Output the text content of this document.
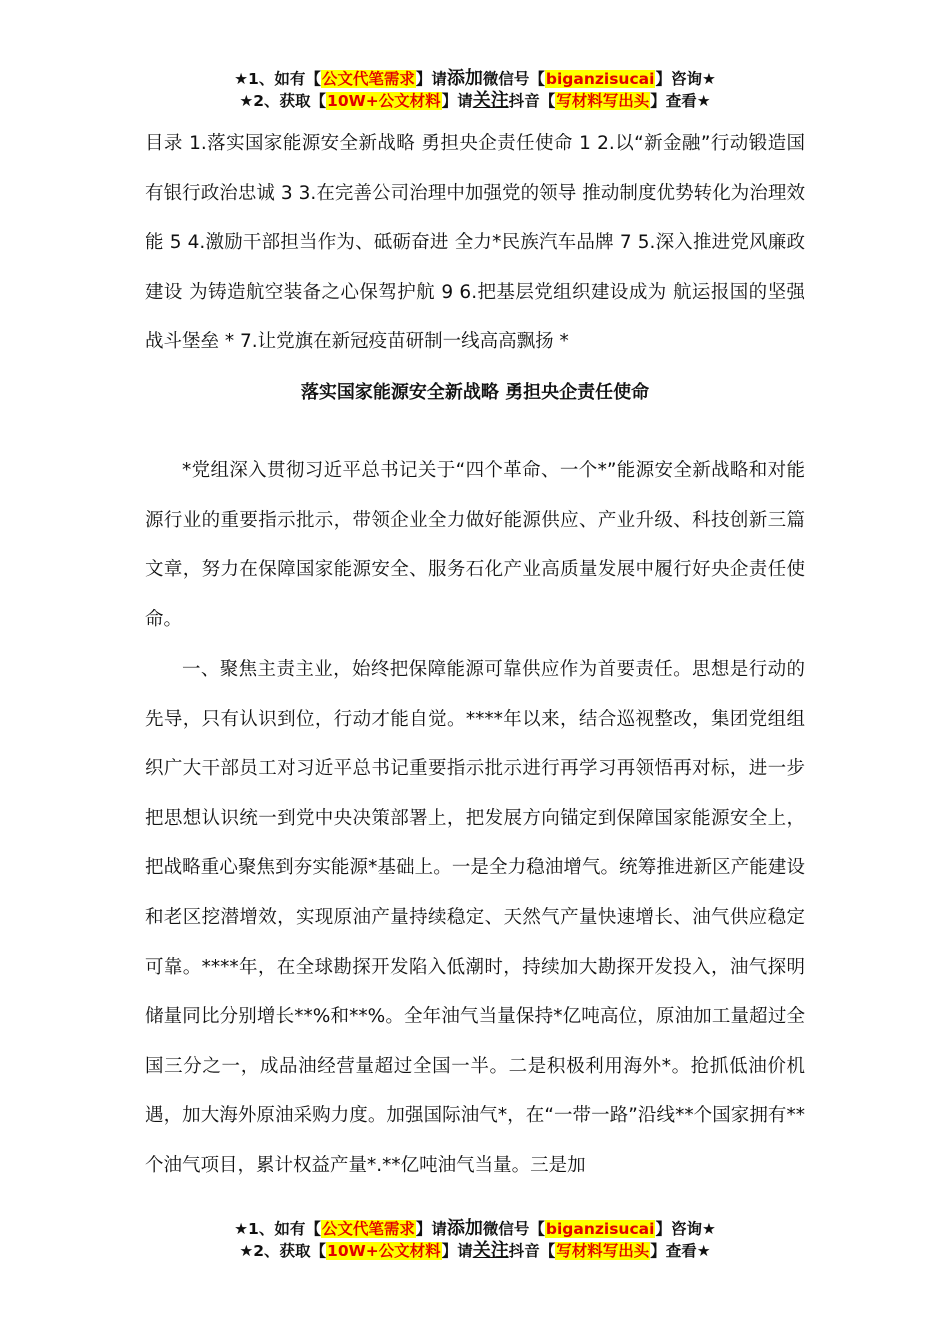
★1、如有【公文代笔需求】请添加微信号【biganzisucai】咨询★
★2、获取【10W+公文材料】请关注抖音【写材料写出头】查看★

目录 1.落实国家能源安全新战略 勇担央企责任使命 1 2.以“新金融”行动锻造国有银行政治忠诚 3 3.在完善公司治理中加强党的领导 推动制度优势转化为治理效能 5 4.激励干部担当作为、砥砺奋进 全力*民族汽车品牌 7 5.深入推进党风廉政建设 为铸造航空装备之心保驾护航 9 6.把基层党组织建设成为 航运报国的坚强战斗堡垒 * 7.让党旗在新冠疫苗研制一线高高飘扬 *

落实国家能源安全新战略 勇担央企责任使命

*党组深入贯彻习近平总书记关于“四个革命、一个*”能源安全新战略和对能源行业的重要指示批示，带领企业全力做好能源供应、产业升级、科技创新三篇文章，努力在保障国家能源安全、服务石化产业高质量发展中履行好央企责任使命。

一、聚焦主责主业，始终把保障能源可靠供应作为首要责任。思想是行动的先导，只有认识到位，行动才能自觉。****年以来，结合巡视整改，集团党组组织广大干部员工对习近平总书记重要指示批示进行再学习再领悟再对标，进一步把思想认识统一到党中央决策部署上，把发展方向锚定到保障国家能源安全上，把战略重心聚焦到夯实能源*基础上。一是全力稳油增气。统筹推进新区产能建设和老区挖潜增效，实现原油产量持续稳定、天然气产量快速增长、油气供应稳定可靠。****年，在全球勘探开发陷入低潮时，持续加大勘探开发投入，油气探明储量同比分别增长**%和**%。全年油气当量保持*亿吨高位，原油加工量超过全国三分之一，成品油经营量超过全国一半。二是积极利用海外*。抢抓低油价机遇，加大海外原油采购力度。加强国际油气*，在“一带一路”沿线**个国家拥有**个油气项目，累计权益产量*.**亿吨油气当量。三是加

★1、如有【公文代笔需求】请添加微信号【biganzisucai】咨询★
★2、获取【10W+公文材料】请关注抖音【写材料写出头】查看★
